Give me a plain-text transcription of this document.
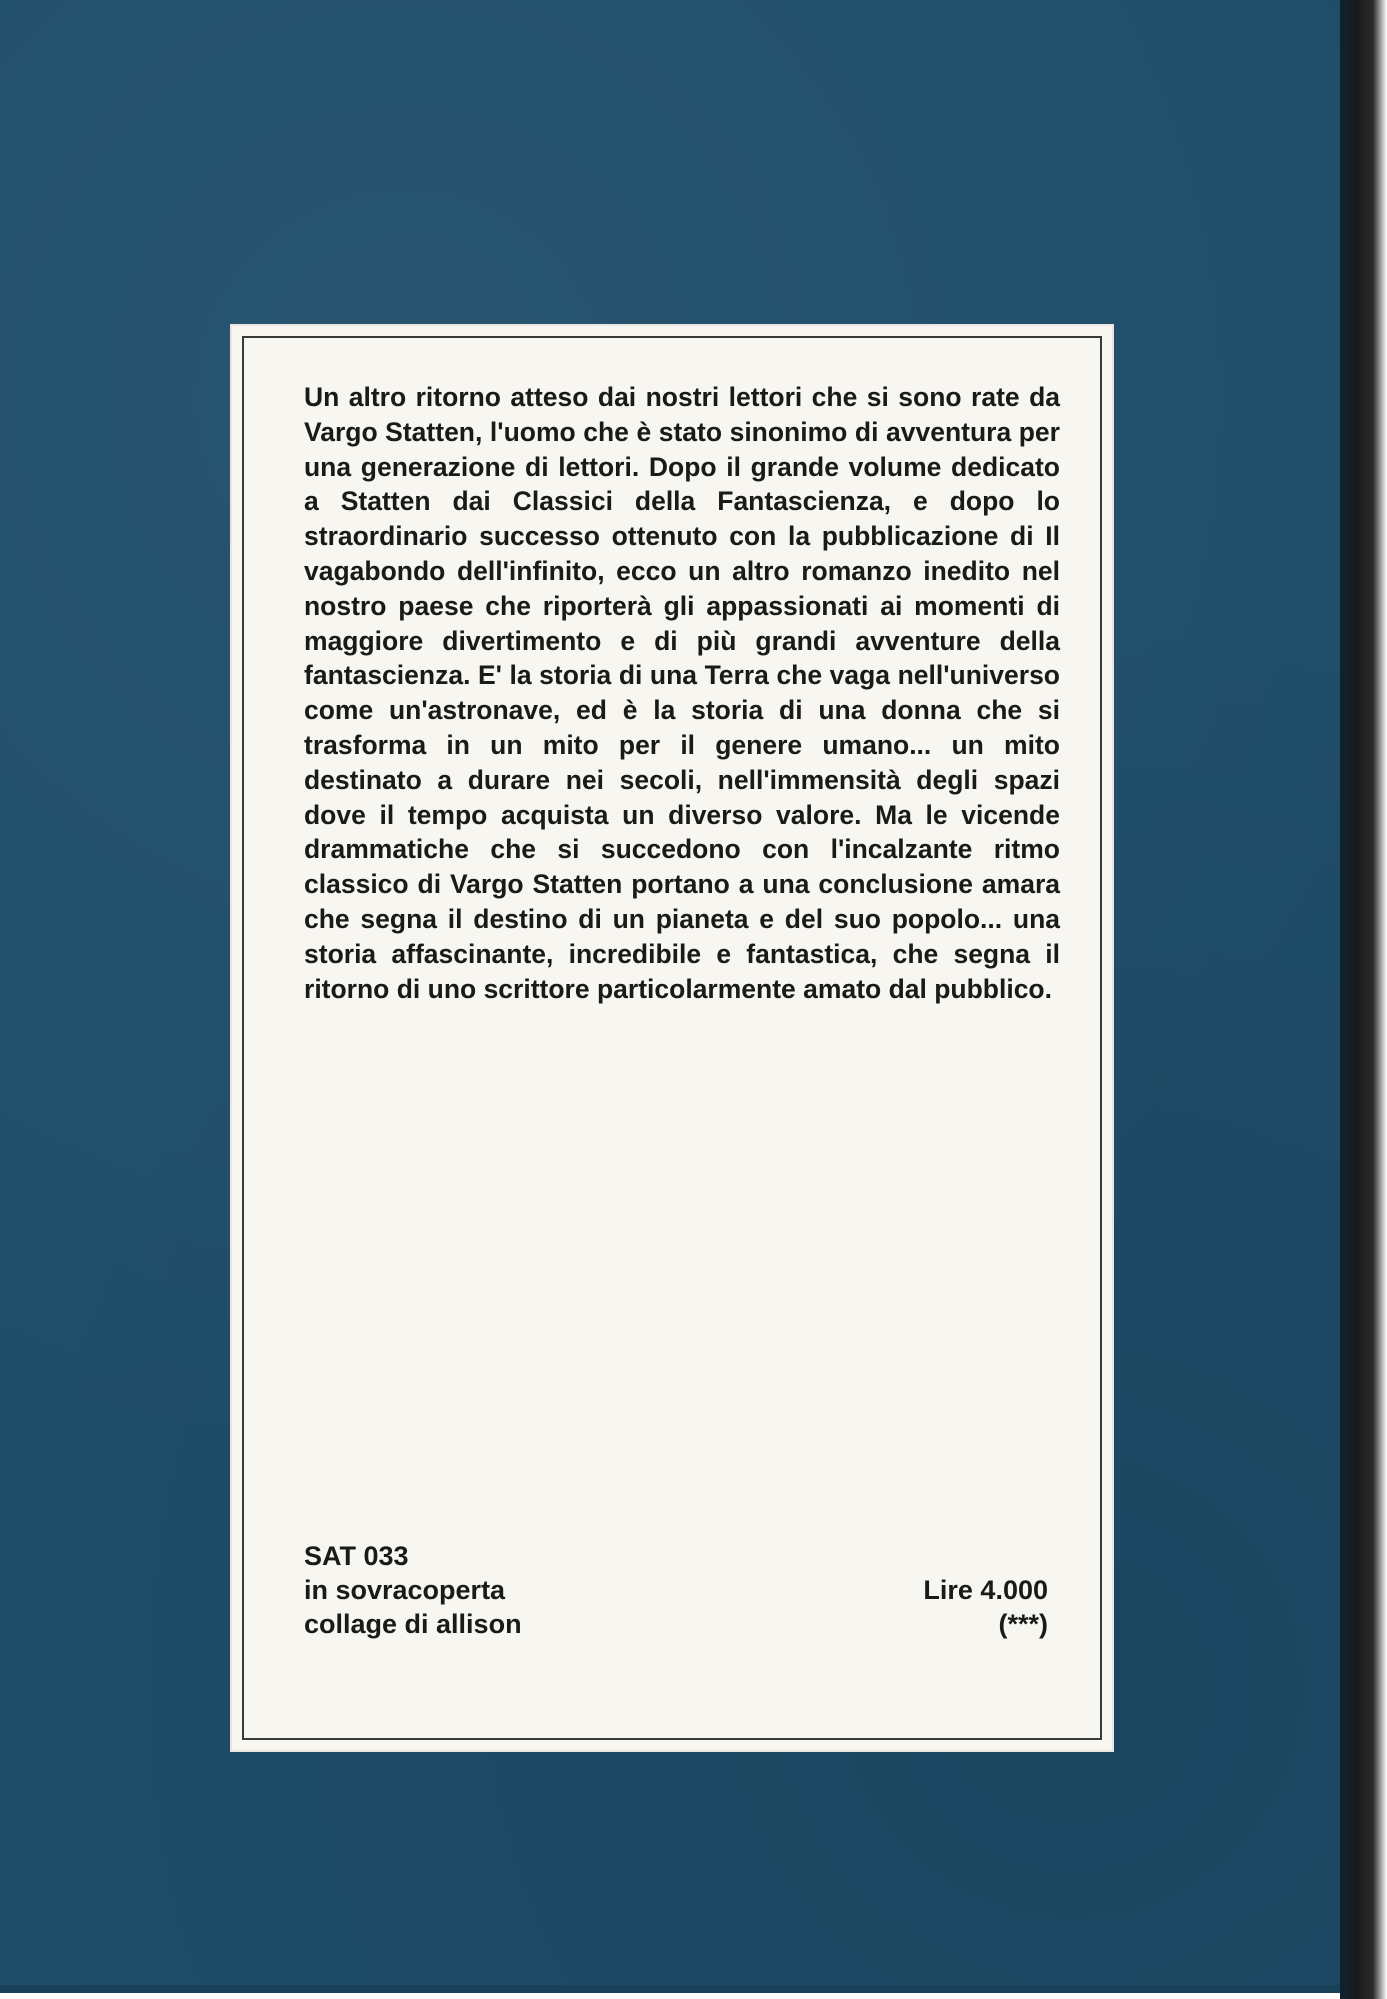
Un altro ritorno atteso dai nostri lettori che si sono rate da Vargo Statten, l'uomo che è stato sinonimo di avventura per una generazione di lettori. Dopo il grande volume dedicato a Statten dai Classici della Fantascienza, e dopo lo straordinario successo ottenuto con la pubblicazione di Il vagabondo dell'infinito, ecco un altro romanzo inedito nel nostro paese che riporterà gli appassionati ai momenti di maggiore divertimento e di più grandi avventure della fantascienza. E' la storia di una Terra che vaga nell'universo come un'astronave, ed è la storia di una donna che si trasforma in un mito per il genere umano... un mito destinato a durare nei secoli, nell'immensità degli spazi dove il tempo acquista un diverso valore. Ma le vicende drammatiche che si succedono con l'incalzante ritmo classico di Vargo Statten portano a una conclusione amara che segna il destino di un pianeta e del suo popolo... una storia affascinante, incredibile e fantastica, che segna il ritorno di uno scrittore particolarmente amato dal pubblico.

SAT 033
in sovracoperta
collage di allison
Lire 4.000
(***)
